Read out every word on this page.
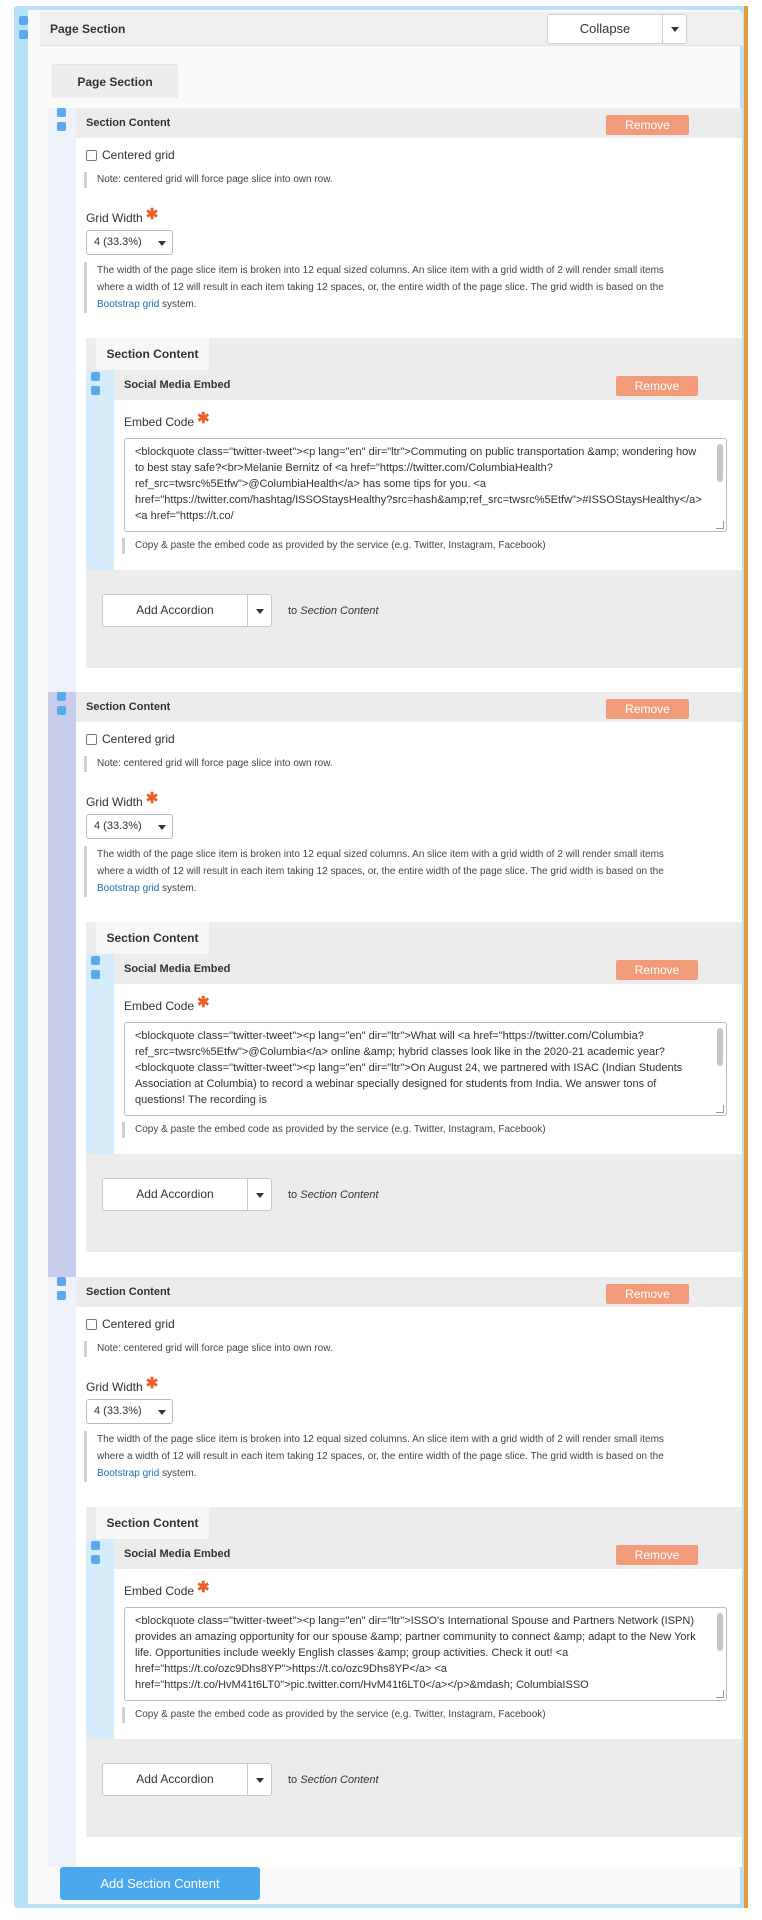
Page Section	Collapse
Page Section
Section Content	Remove
Centered grid
Note: centered grid will force page slice into own row.
Grid Width ✱
4 (33.3%)
The width of the page slice item is broken into 12 equal sized columns. An slice item with a grid width of 2 will render small items
where a width of 12 will result in each item taking 12 spaces, or, the entire width of the page slice. The grid width is based on the
Bootstrap grid system.
Section Content
Social Media Embed	Remove
Embed Code ✱
<blockquote class="twitter-tweet"><p lang="en" dir="ltr">Commuting on public transportation &amp; wondering how to best stay safe?<br>Melanie Bernitz of <a href="https://twitter.com/ColumbiaHealth?ref_src=twsrc%5Etfw">@ColumbiaHealth</a> has some tips for you. <a href="https://twitter.com/hashtag/ISSOStaysHealthy?src=hash&amp;ref_src=twsrc%5Etfw">#ISSOStaysHealthy</a> <a href="https://t.co/
Copy & paste the embed code as provided by the service (e.g. Twitter, Instagram, Facebook)
Add Accordion	to Section Content
Section Content	Remove
Centered grid
Note: centered grid will force page slice into own row.
Grid Width ✱
4 (33.3%)
The width of the page slice item is broken into 12 equal sized columns. An slice item with a grid width of 2 will render small items
where a width of 12 will result in each item taking 12 spaces, or, the entire width of the page slice. The grid width is based on the
Bootstrap grid system.
Section Content
Social Media Embed	Remove
Embed Code ✱
<blockquote class="twitter-tweet"><p lang="en" dir="ltr">What will <a href="https://twitter.com/Columbia?ref_src=twsrc%5Etfw">@Columbia</a> online &amp; hybrid classes look like in the 2020-21 academic year? <blockquote class="twitter-tweet"><p lang="en" dir="ltr">On August 24, we partnered with ISAC (Indian Students Association at Columbia) to record a webinar specially designed for students from India. We answer tons of questions! The recording is
Copy & paste the embed code as provided by the service (e.g. Twitter, Instagram, Facebook)
Add Accordion	to Section Content
Section Content	Remove
Centered grid
Note: centered grid will force page slice into own row.
Grid Width ✱
4 (33.3%)
The width of the page slice item is broken into 12 equal sized columns. An slice item with a grid width of 2 will render small items
where a width of 12 will result in each item taking 12 spaces, or, the entire width of the page slice. The grid width is based on the
Bootstrap grid system.
Section Content
Social Media Embed	Remove
Embed Code ✱
<blockquote class="twitter-tweet"><p lang="en" dir="ltr">ISSO's International Spouse and Partners Network (ISPN) provides an amazing opportunity for our spouse &amp; partner community to connect &amp; adapt to the New York life. Opportunities include weekly English classes &amp; group activities. Check it out! <a href="https://t.co/ozc9Dhs8YP">https://t.co/ozc9Dhs8YP</a> <a href="https://t.co/HvM41t6LT0">pic.twitter.com/HvM41t6LT0</a></p>&mdash; ColumbiaISSO
Copy & paste the embed code as provided by the service (e.g. Twitter, Instagram, Facebook)
Add Accordion	to Section Content
Add Section Content
